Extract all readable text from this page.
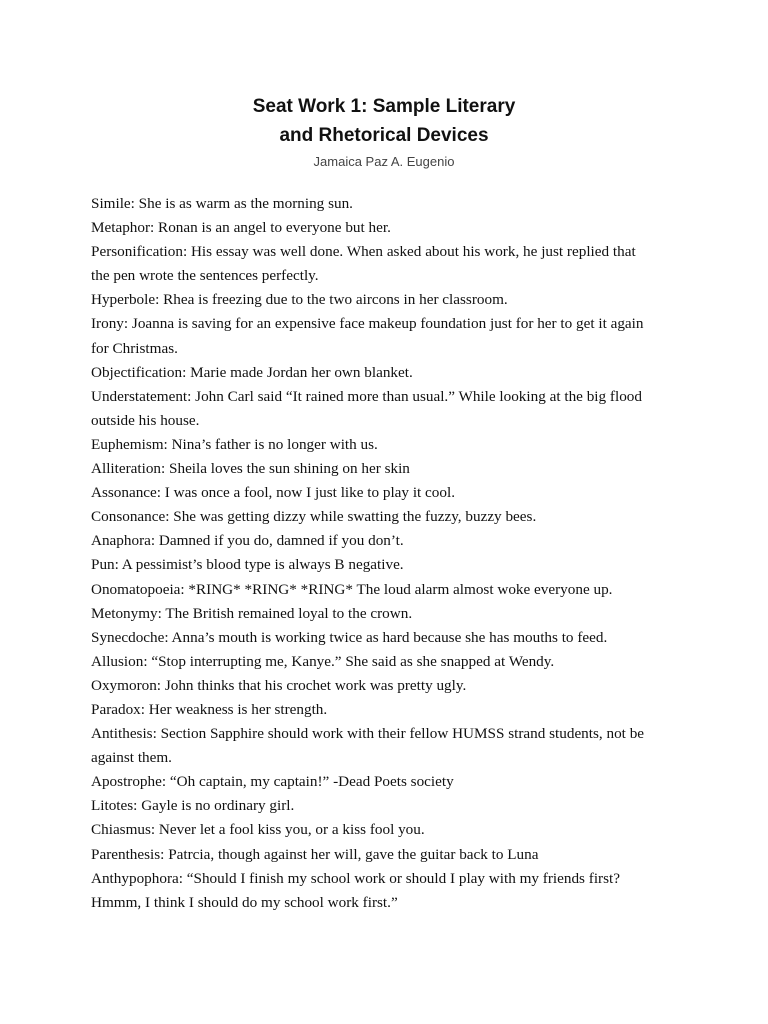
Seat Work 1: Sample Literary
and Rhetorical Devices
Jamaica Paz A. Eugenio
Simile: She is as warm as the morning sun.
Metaphor: Ronan is an angel to everyone but her.
Personification: His essay was well done. When asked about his work, he just replied that
the pen wrote the sentences perfectly.
Hyperbole: Rhea is freezing due to the two aircons in her classroom.
Irony: Joanna is saving for an expensive face makeup foundation just for her to get it again
for Christmas.
Objectification: Marie made Jordan her own blanket.
Understatement: John Carl said “It rained more than usual.” While looking at the big flood
outside his house.
Euphemism: Nina’s father is no longer with us.
Alliteration: Sheila loves the sun shining on her skin
Assonance: I was once a fool, now I just like to play it cool.
Consonance: She was getting dizzy while swatting the fuzzy, buzzy bees.
Anaphora: Damned if you do, damned if you don’t.
Pun: A pessimist’s blood type is always B negative.
Onomatopoeia: *RING* *RING* *RING* The loud alarm almost woke everyone up.
Metonymy: The British remained loyal to the crown.
Synecdoche: Anna’s mouth is working twice as hard because she has mouths to feed.
Allusion: “Stop interrupting me, Kanye.” She said as she snapped at Wendy.
Oxymoron: John thinks that his crochet work was pretty ugly.
Paradox: Her weakness is her strength.
Antithesis: Section Sapphire should work with their fellow HUMSS strand students, not be
against them.
Apostrophe: “Oh captain, my captain!” -Dead Poets society
Litotes: Gayle is no ordinary girl.
Chiasmus: Never let a fool kiss you, or a kiss fool you.
Parenthesis: Patrcia, though against her will, gave the guitar back to Luna
Anthypophora: “Should I finish my school work or should I play with my friends first?
Hmmm, I think I should do my school work first.”
